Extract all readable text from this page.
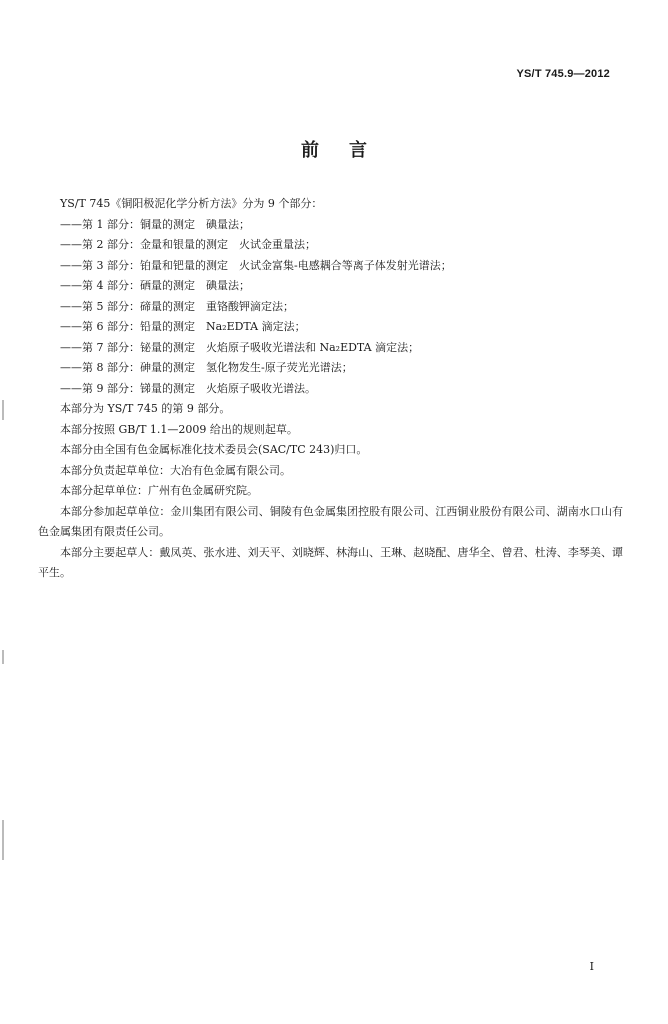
YS/T 745.9—2012
前言

YS/T 745《铜阳极泥化学分析方法》分为 9 个部分：

——第 1 部分：铜量的测定　碘量法；

——第 2 部分：金量和银量的测定　火试金重量法；

——第 3 部分：铂量和钯量的测定　火试金富集-电感耦合等离子体发射光谱法；

——第 4 部分：硒量的测定　碘量法；

——第 5 部分：碲量的测定　重铬酸钾滴定法；

——第 6 部分：铅量的测定　Na₂EDTA 滴定法；

——第 7 部分：铋量的测定　火焰原子吸收光谱法和 Na₂EDTA 滴定法；

——第 8 部分：砷量的测定　氢化物发生-原子荧光光谱法；

——第 9 部分：锑量的测定　火焰原子吸收光谱法。

本部分为 YS/T 745 的第 9 部分。

本部分按照 GB/T 1.1—2009 给出的规则起草。

本部分由全国有色金属标准化技术委员会(SAC/TC 243)归口。

本部分负责起草单位：大冶有色金属有限公司。

本部分起草单位：广州有色金属研究院。

本部分参加起草单位：金川集团有限公司、铜陵有色金属集团控股有限公司、江西铜业股份有限公司、湖南水口山有色金属集团有限责任公司。

本部分主要起草人：戴凤英、张水进、刘天平、刘晓辉、林海山、王琳、赵晓配、唐华全、曾君、杜涛、李琴美、谭平生。

I
